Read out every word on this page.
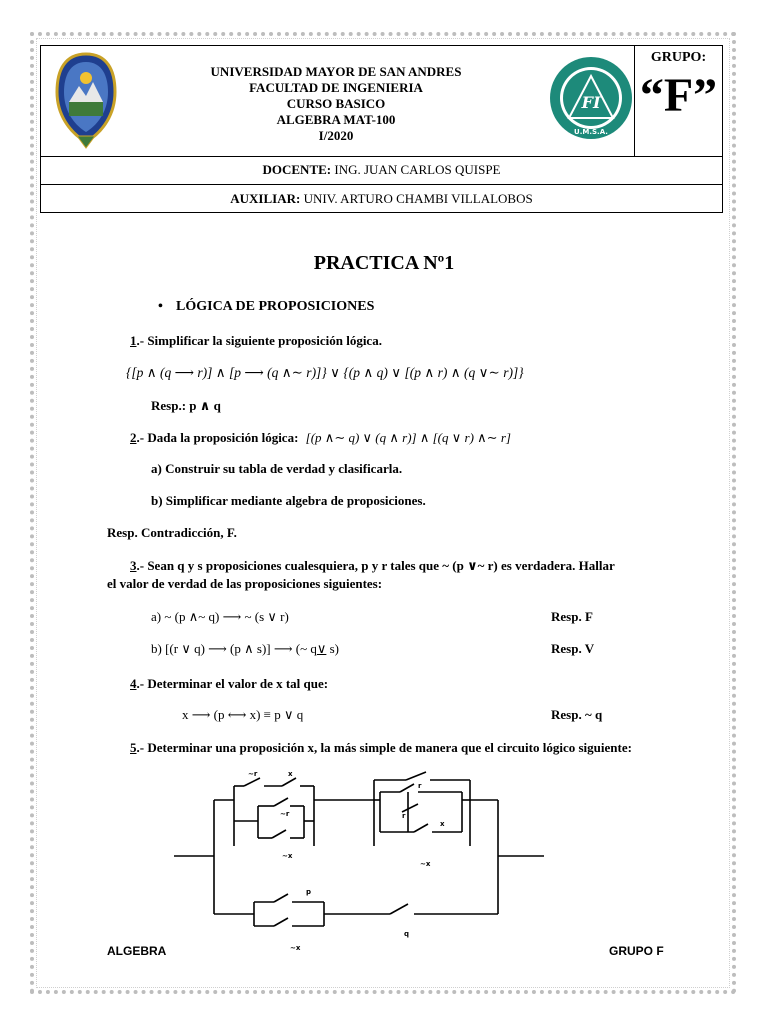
UNIVERSIDAD MAYOR DE SAN ANDRES
FACULTAD DE INGENIERIA
CURSO BASICO
ALGEBRA MAT-100
I/2020
FI
U.M.S.A.
GRUPO:
“F”
DOCENTE: ING. JUAN CARLOS QUISPE
AUXILIAR: UNIV. ARTURO CHAMBI VILLALOBOS
PRACTICA Nº1
• LÓGICA DE PROPOSICIONES
1.- Simplificar la siguiente proposición lógica.
{[p ∧ (q ⟶ r)] ∧ [p ⟶ (q ∧∼ r)]} ∨ {(p ∧ q) ∨ [(p ∧ r) ∧ (q ∨∼ r)]}
Resp.: p ∧ q
2.- Dada la proposición lógica: [(p ∧∼ q) ∨ (q ∧ r)] ∧ [(q ∨ r) ∧∼ r]
a) Construir su tabla de verdad y clasificarla.
b) Simplificar mediante algebra de proposiciones.
Resp. Contradicción, F.
3.- Sean q y s proposiciones cualesquiera, p y r tales que ~ (p ∨~ r) es verdadera. Hallar
el valor de verdad de las proposiciones siguientes:
a) ~ (p ∧~ q) ⟶ ~ (s ∨ r)	Resp. F
b) [(r ∨ q) ⟶ (p ∧ s)] ⟶ (~ q∨ s)	Resp. V
4.- Determinar el valor de x tal que:
x ⟶ (p ⟷ x) ≡ p ∨ q	Resp. ~ q
5.- Determinar una proposición x, la más simple de manera que el circuito lógico siguiente:
~r	x
~r
~x
r
r
x
~x
p
~x
q
ALGEBRA	GRUPO F
